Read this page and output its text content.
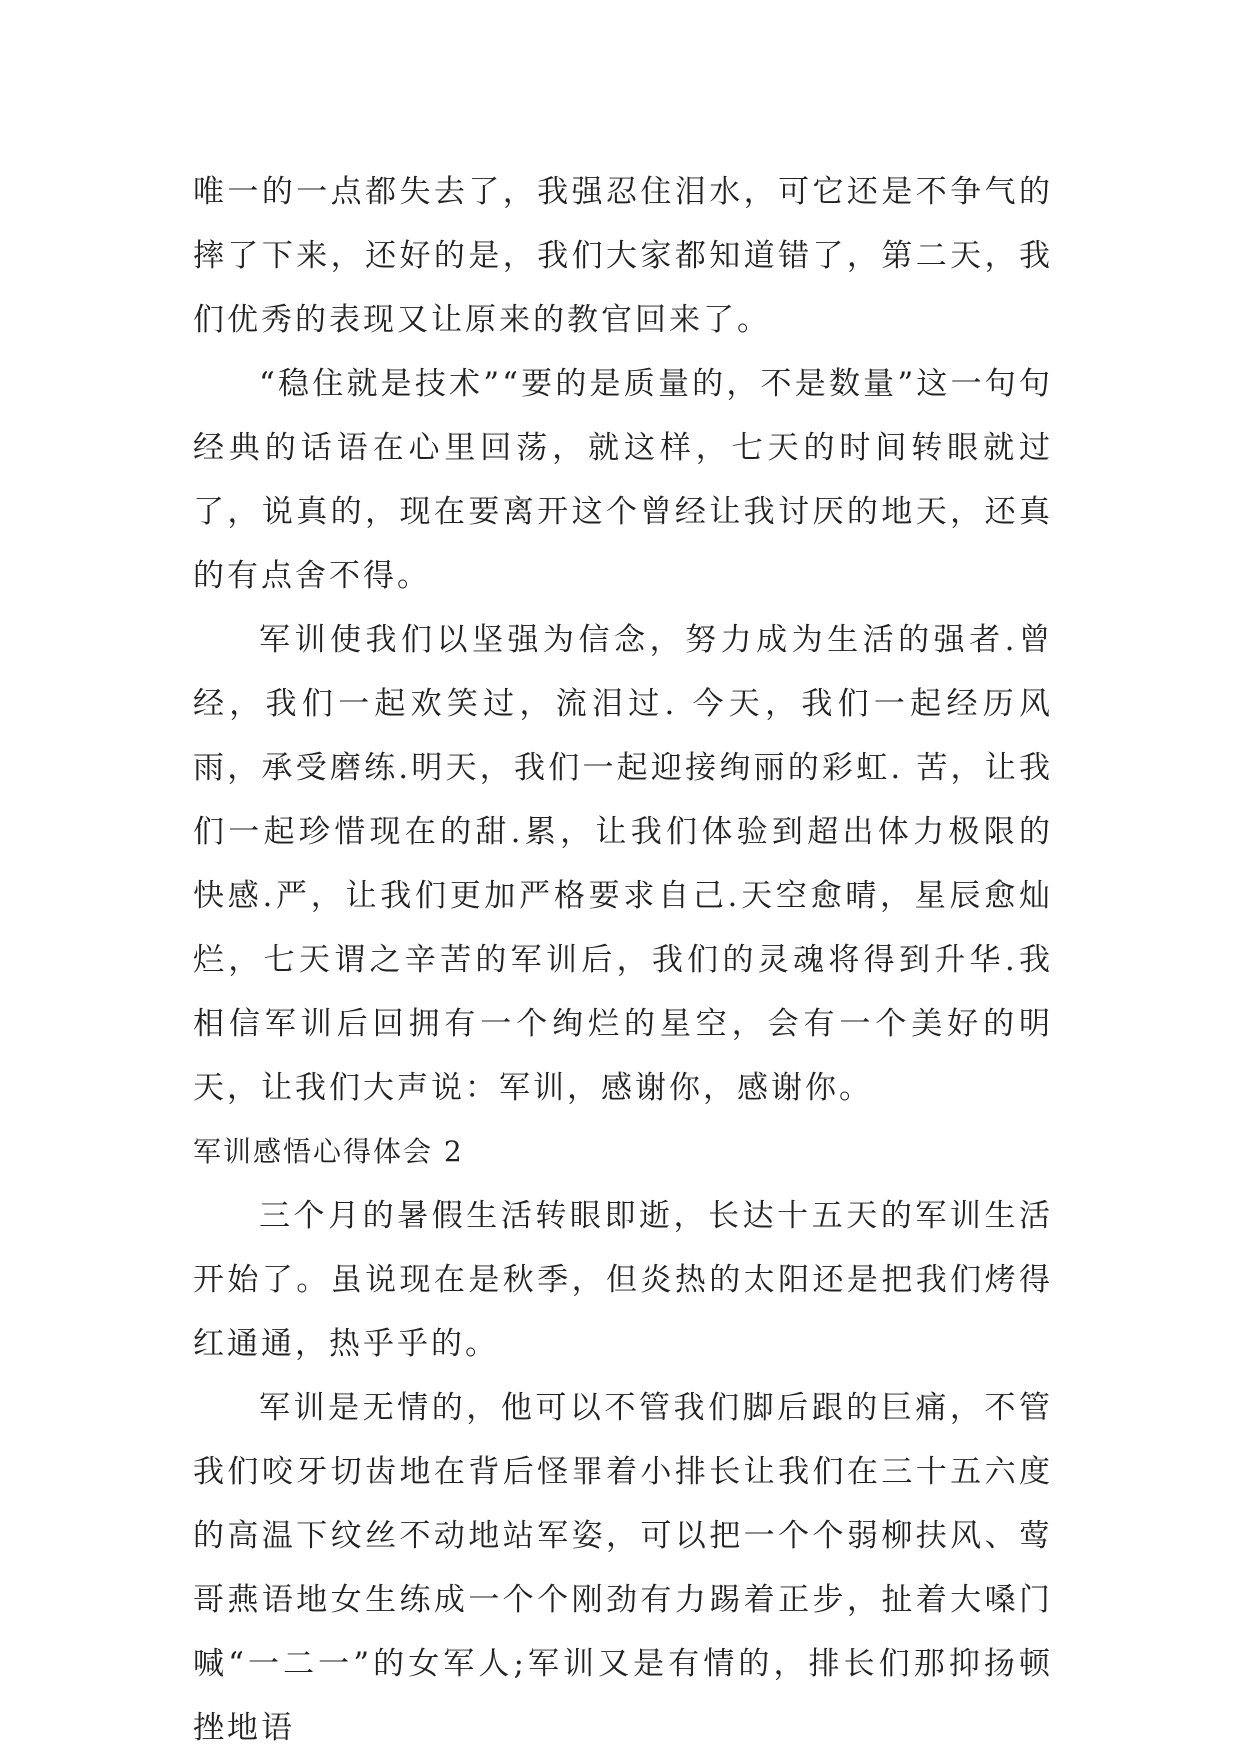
唯一的一点都失去了，我强忍住泪水，可它还是不争气的摔了下来，还好的是，我们大家都知道错了，第二天，我们优秀的表现又让原来的教官回来了。

“稳住就是技术”“要的是质量的，不是数量”这一句句经典的话语在心里回荡，就这样，七天的时间转眼就过了，说真的，现在要离开这个曾经让我讨厌的地天，还真的有点舍不得。

军训使我们以坚强为信念，努力成为生活的强者.曾经，我们一起欢笑过，流泪过. 今天，我们一起经历风雨，承受磨练.明天，我们一起迎接绚丽的彩虹. 苦，让我们一起珍惜现在的甜.累，让我们体验到超出体力极限的快感.严，让我们更加严格要求自己.天空愈晴，星辰愈灿烂，七天谓之辛苦的军训后，我们的灵魂将得到升华.我相信军训后回拥有一个绚烂的星空，会有一个美好的明天，让我们大声说：军训，感谢你，感谢你。

军训感悟心得体会 2

三个月的暑假生活转眼即逝，长达十五天的军训生活开始了。虽说现在是秋季，但炎热的太阳还是把我们烤得红通通，热乎乎的。

军训是无情的，他可以不管我们脚后跟的巨痛，不管我们咬牙切齿地在背后怪罪着小排长让我们在三十五六度的高温下纹丝不动地站军姿，可以把一个个弱柳扶风、莺哥燕语地女生练成一个个刚劲有力踢着正步，扯着大嗓门喊“一二一”的女军人;军训又是有情的，排长们那抑扬顿挫地语
